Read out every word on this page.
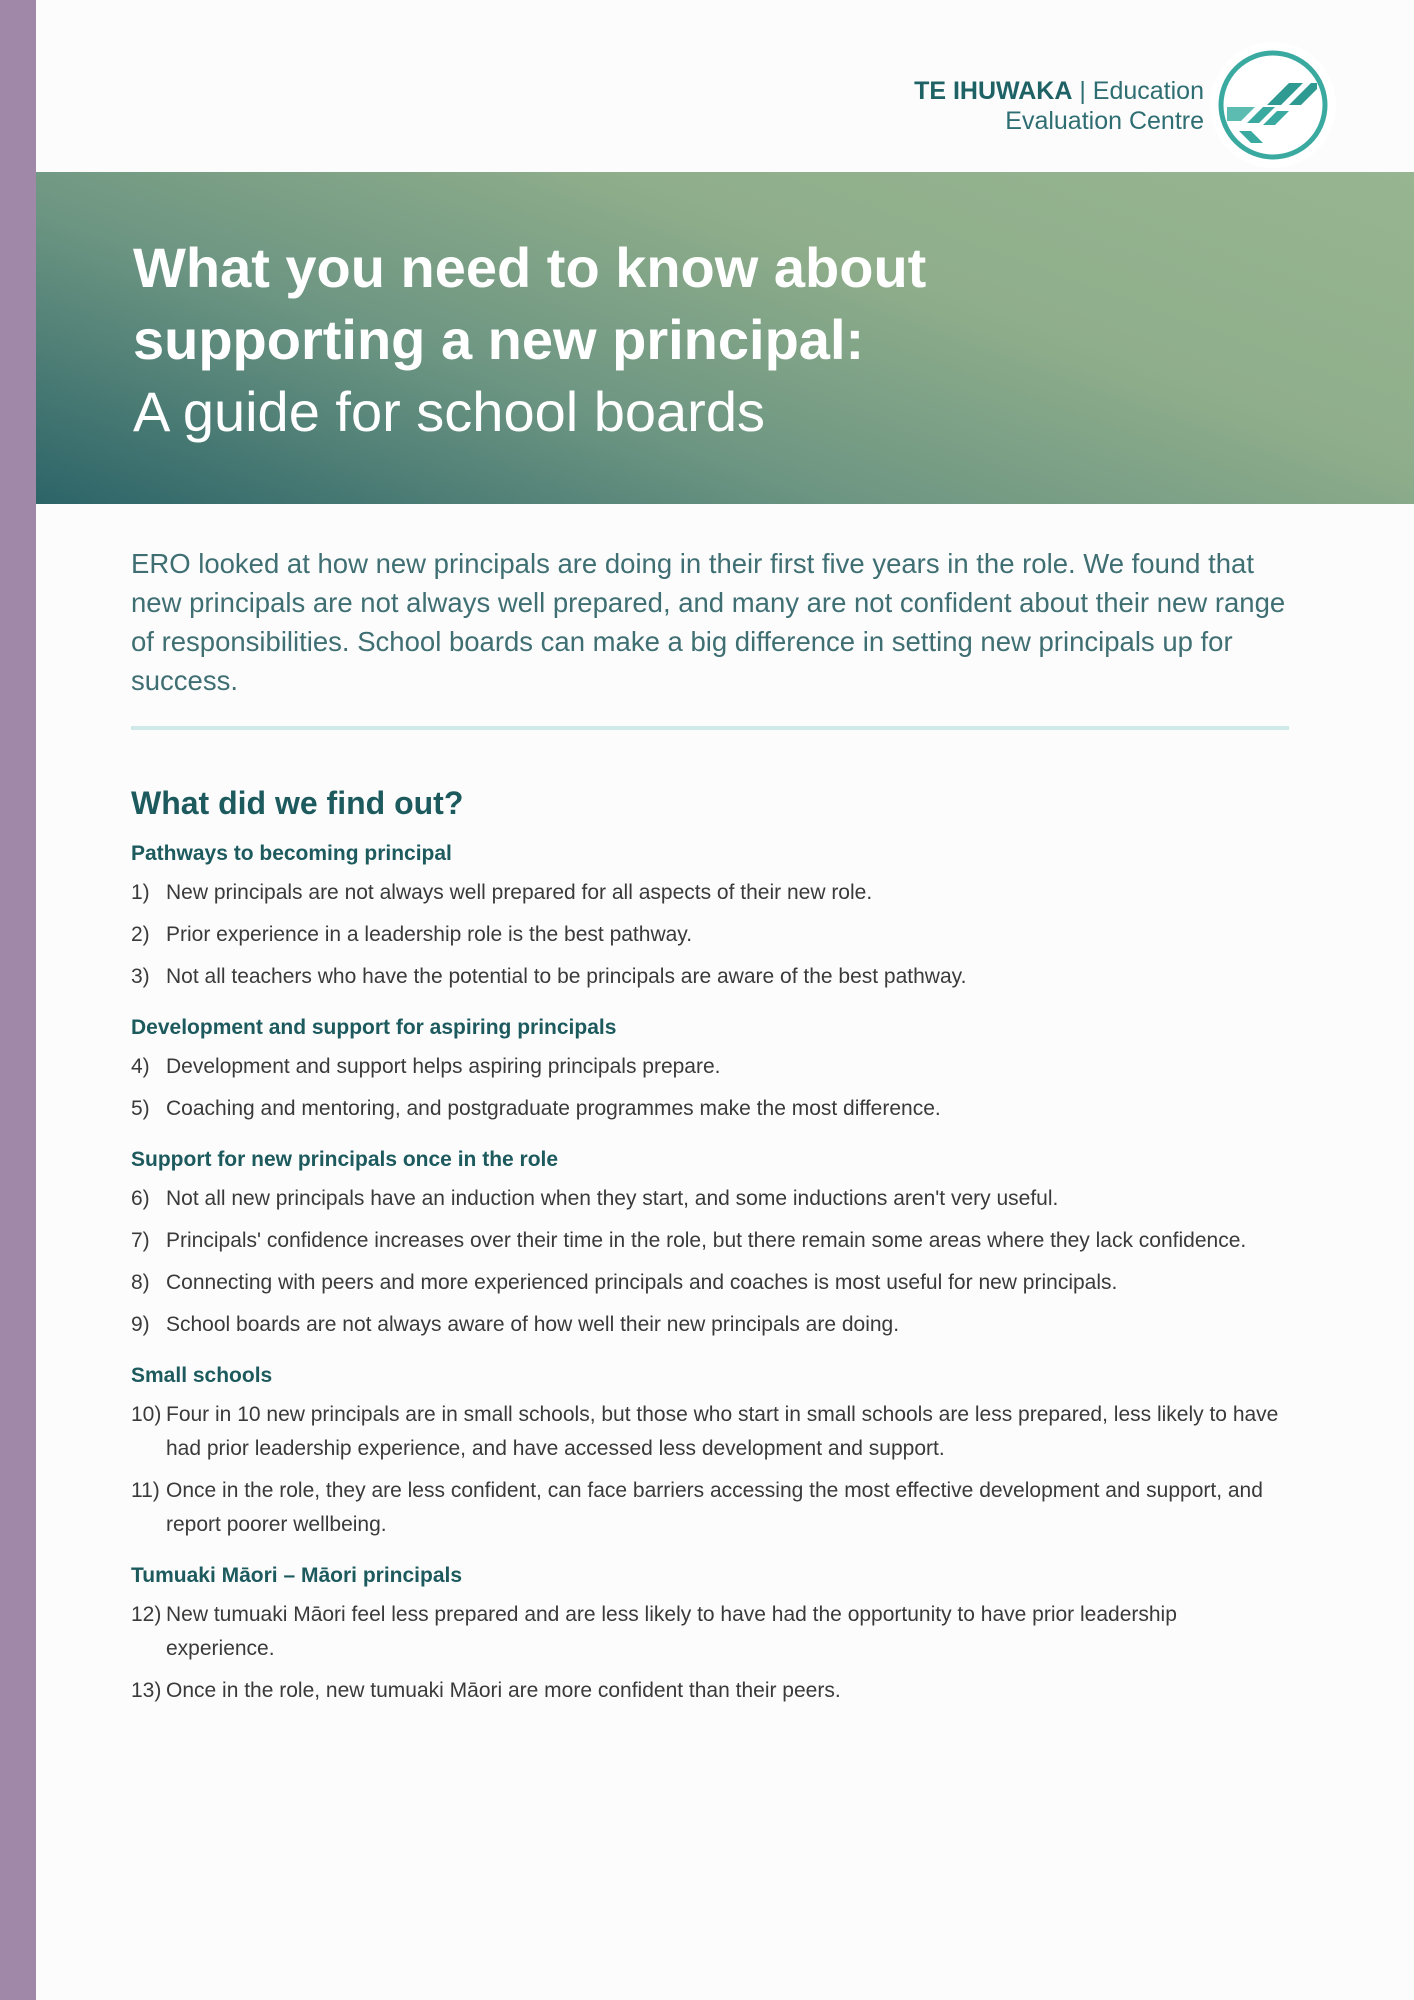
TE IHUWAKA | Education
Evaluation Centre
What you need to know about
supporting a new principal:
A guide for school boards
ERO looked at how new principals are doing in their first five years in the role. We found that new principals are not always well prepared, and many are not confident about their new range of responsibilities. School boards can make a big difference in setting new principals up for success.
What did we find out?
Pathways to becoming principal
1) New principals are not always well prepared for all aspects of their new role.
2) Prior experience in a leadership role is the best pathway.
3) Not all teachers who have the potential to be principals are aware of the best pathway.
Development and support for aspiring principals
4) Development and support helps aspiring principals prepare.
5) Coaching and mentoring, and postgraduate programmes make the most difference.
Support for new principals once in the role
6) Not all new principals have an induction when they start, and some inductions aren't very useful.
7) Principals' confidence increases over their time in the role, but there remain some areas where they lack confidence.
8) Connecting with peers and more experienced principals and coaches is most useful for new principals.
9) School boards are not always aware of how well their new principals are doing.
Small schools
10) Four in 10 new principals are in small schools, but those who start in small schools are less prepared, less likely to have had prior leadership experience, and have accessed less development and support.
11) Once in the role, they are less confident, can face barriers accessing the most effective development and support, and report poorer wellbeing.
Tumuaki Māori – Māori principals
12) New tumuaki Māori feel less prepared and are less likely to have had the opportunity to have prior leadership experience.
13) Once in the role, new tumuaki Māori are more confident than their peers.
